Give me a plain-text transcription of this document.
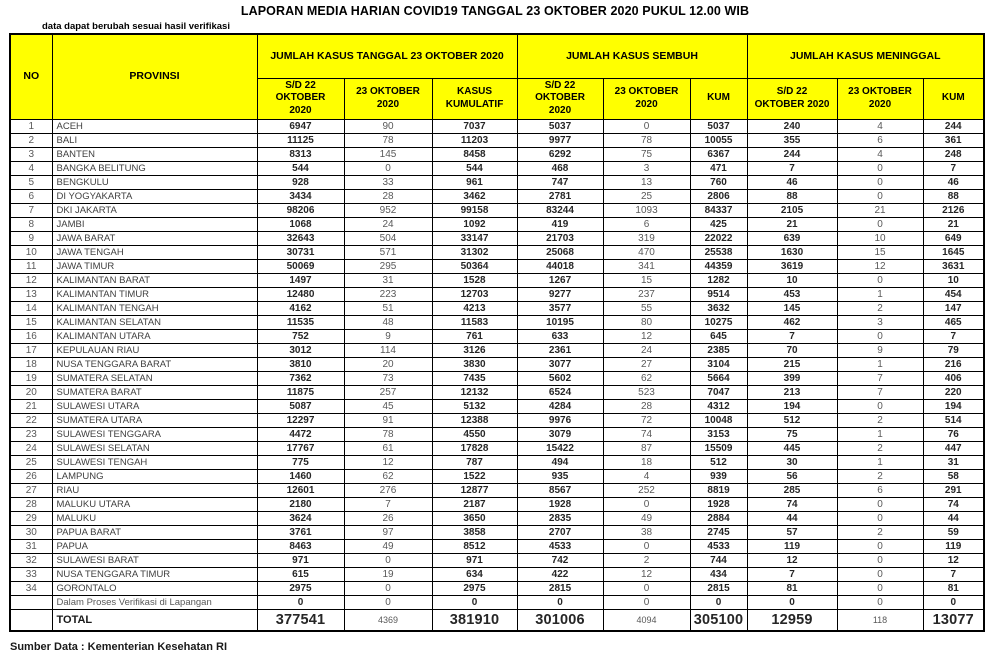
LAPORAN MEDIA HARIAN COVID19 TANGGAL 23 OKTOBER 2020 PUKUL 12.00 WIB
data dapat berubah sesuai hasil verifikasi
NO	PROVINSI	JUMLAH KASUS TANGGAL 23 OKTOBER 2020			JUMLAH KASUS SEMBUH			JUMLAH KASUS MENINGGAL		
		S/D 22 OKTOBER 2020	23 OKTOBER 2020	KASUS KUMULATIF	S/D 22 OKTOBER 2020	23 OKTOBER 2020	KUM	S/D 22 OKTOBER 2020	23 OKTOBER 2020	KUM
1	ACEH	6947	90	7037	5037	0	5037	240	4	244
2	BALI	11125	78	11203	9977	78	10055	355	6	361
3	BANTEN	8313	145	8458	6292	75	6367	244	4	248
4	BANGKA BELITUNG	544	0	544	468	3	471	7	0	7
5	BENGKULU	928	33	961	747	13	760	46	0	46
6	DI YOGYAKARTA	3434	28	3462	2781	25	2806	88	0	88
7	DKI JAKARTA	98206	952	99158	83244	1093	84337	2105	21	2126
8	JAMBI	1068	24	1092	419	6	425	21	0	21
9	JAWA BARAT	32643	504	33147	21703	319	22022	639	10	649
10	JAWA TENGAH	30731	571	31302	25068	470	25538	1630	15	1645
11	JAWA TIMUR	50069	295	50364	44018	341	44359	3619	12	3631
12	KALIMANTAN BARAT	1497	31	1528	1267	15	1282	10	0	10
13	KALIMANTAN TIMUR	12480	223	12703	9277	237	9514	453	1	454
14	KALIMANTAN TENGAH	4162	51	4213	3577	55	3632	145	2	147
15	KALIMANTAN SELATAN	11535	48	11583	10195	80	10275	462	3	465
16	KALIMANTAN UTARA	752	9	761	633	12	645	7	0	7
17	KEPULAUAN RIAU	3012	114	3126	2361	24	2385	70	9	79
18	NUSA TENGGARA BARAT	3810	20	3830	3077	27	3104	215	1	216
19	SUMATERA SELATAN	7362	73	7435	5602	62	5664	399	7	406
20	SUMATERA BARAT	11875	257	12132	6524	523	7047	213	7	220
21	SULAWESI UTARA	5087	45	5132	4284	28	4312	194	0	194
22	SUMATERA UTARA	12297	91	12388	9976	72	10048	512	2	514
23	SULAWESI TENGGARA	4472	78	4550	3079	74	3153	75	1	76
24	SULAWESI SELATAN	17767	61	17828	15422	87	15509	445	2	447
25	SULAWESI TENGAH	775	12	787	494	18	512	30	1	31
26	LAMPUNG	1460	62	1522	935	4	939	56	2	58
27	RIAU	12601	276	12877	8567	252	8819	285	6	291
28	MALUKU UTARA	2180	7	2187	1928	0	1928	74	0	74
29	MALUKU	3624	26	3650	2835	49	2884	44	0	44
30	PAPUA BARAT	3761	97	3858	2707	38	2745	57	2	59
31	PAPUA	8463	49	8512	4533	0	4533	119	0	119
32	SULAWESI BARAT	971	0	971	742	2	744	12	0	12
33	NUSA TENGGARA TIMUR	615	19	634	422	12	434	7	0	7
34	GORONTALO	2975	0	2975	2815	0	2815	81	0	81
	Dalam Proses Verifikasi di Lapangan	0	0	0	0	0	0	0	0	0
	TOTAL	377541	4369	381910	301006	4094	305100	12959	118	13077
Sumber Data : Kementerian Kesehatan RI
